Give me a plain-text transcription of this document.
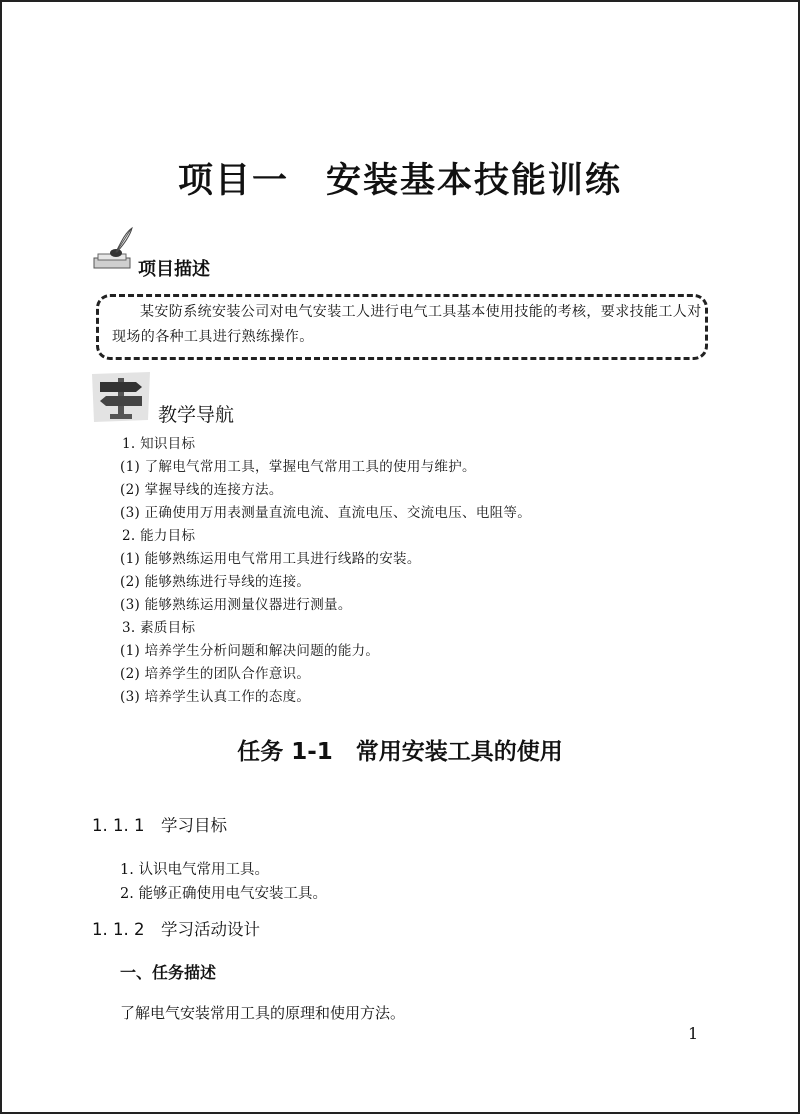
项目一　安装基本技能训练
项目描述
某安防系统安装公司对电气安装工人进行电气工具基本使用技能的考核，要求技能工人对现场的各种工具进行熟练操作。
教学导航
1. 知识目标
(1) 了解电气常用工具，掌握电气常用工具的使用与维护。
(2) 掌握导线的连接方法。
(3) 正确使用万用表测量直流电流、直流电压、交流电压、电阻等。
2. 能力目标
(1) 能够熟练运用电气常用工具进行线路的安装。
(2) 能够熟练进行导线的连接。
(3) 能够熟练运用测量仪器进行测量。
3. 素质目标
(1) 培养学生分析问题和解决问题的能力。
(2) 培养学生的团队合作意识。
(3) 培养学生认真工作的态度。
任务 1-1　常用安装工具的使用
1. 1. 1　学习目标
1. 认识电气常用工具。
2. 能够正确使用电气安装工具。
1. 1. 2　学习活动设计
一、任务描述
了解电气安装常用工具的原理和使用方法。
1
